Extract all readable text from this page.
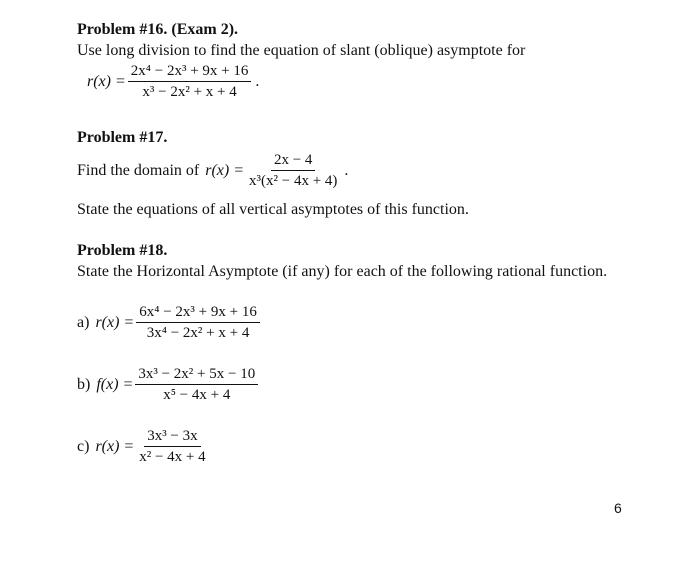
Problem #16. (Exam 2).
Use long division to find the equation of slant (oblique) asymptote for
$r(x) = \frac{\text{2x⁴ − 2x³ + 9x + 16}}{\text{x³ − 2x² + x + 4}}$ .
Problem #17.
Find the domain of $r(x) = \frac{2x - 4}{\text{x³(x² − 4x + 4)}}$ .
State the equations of all vertical asymptotes of this function.
Problem #18.
State the Horizontal Asymptote (if any) for each of the following rational function.
a) $r(x) = \frac{\text{6x⁴ − 2x³ + 9x + 16}}{\text{3x⁴ − 2x² + x + 4}}$
b) $f(x) = \frac{\text{3x³ − 2x² + 5x − 10}}{\text{x⁵ − 4x + 4}}$
c) $r(x) = \frac{\text{3x³ − 3x}}{\text{x² − 4x + 4}}$
6
